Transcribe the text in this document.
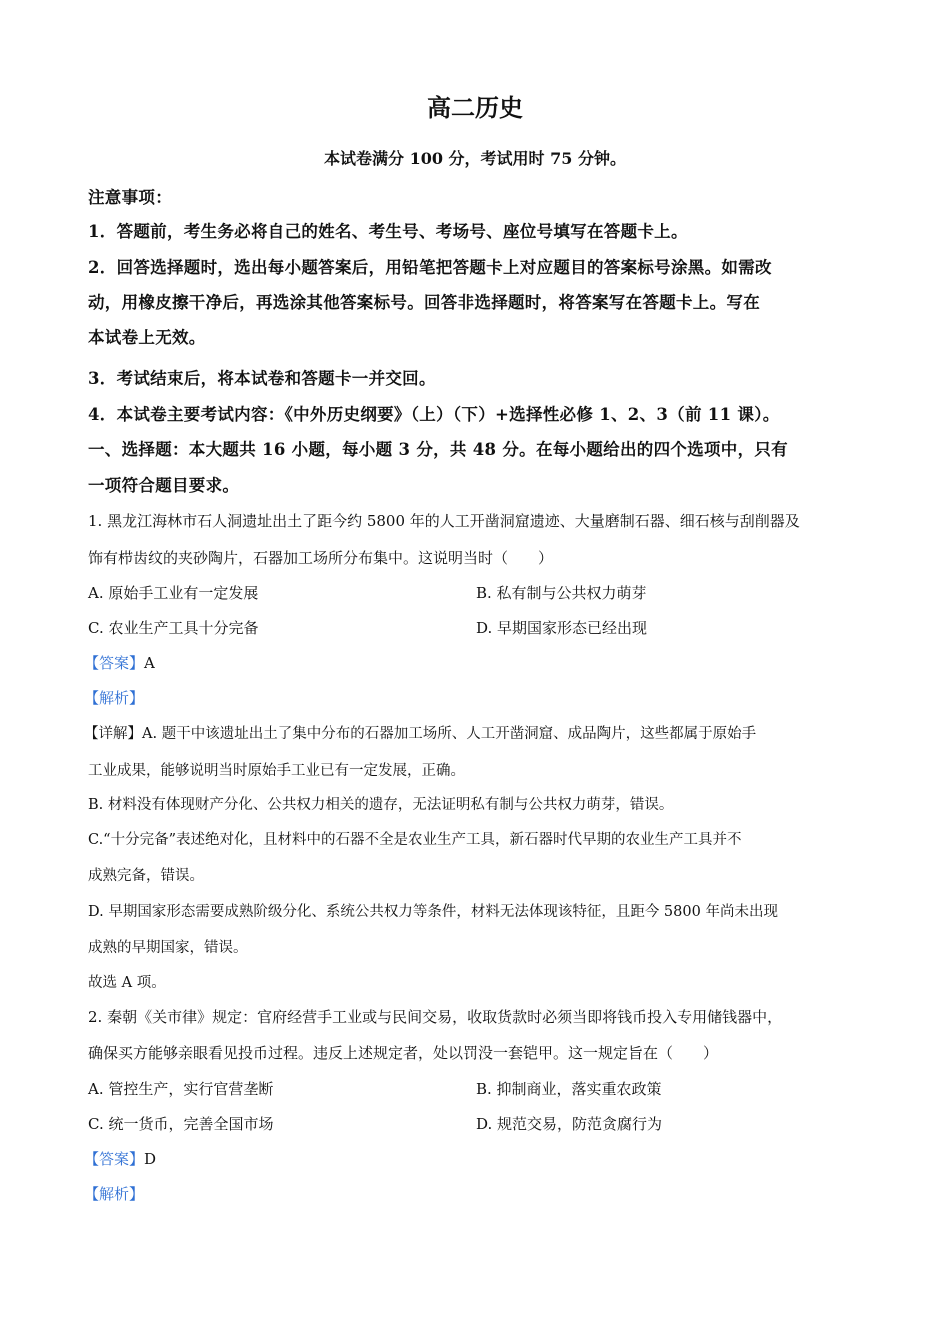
高二历史
本试卷满分 100 分，考试用时 75 分钟。
注意事项：
1．答题前，考生务必将自己的姓名、考生号、考场号、座位号填写在答题卡上。
2．回答选择题时，选出每小题答案后，用铅笔把答题卡上对应题目的答案标号涂黑。如需改
动，用橡皮擦干净后，再选涂其他答案标号。回答非选择题时，将答案写在答题卡上。写在
本试卷上无效。
3．考试结束后，将本试卷和答题卡一并交回。
4．本试卷主要考试内容：《中外历史纲要》（上）（下）+选择性必修 1、2、3（前 11 课）。
一、选择题：本大题共 16 小题，每小题 3 分，共 48 分。在每小题给出的四个选项中，只有
一项符合题目要求。
1. 黑龙江海林市石人洞遗址出土了距今约 5800 年的人工开凿洞窟遗迹、大量磨制石器、细石核与刮削器及
饰有栉齿纹的夹砂陶片，石器加工场所分布集中。这说明当时（　　）
A. 原始手工业有一定发展	B. 私有制与公共权力萌芽
C. 农业生产工具十分完备	D. 早期国家形态已经出现
【答案】A
【解析】
【详解】A. 题干中该遗址出土了集中分布的石器加工场所、人工开凿洞窟、成品陶片，这些都属于原始手
工业成果，能够说明当时原始手工业已有一定发展，正确。
B. 材料没有体现财产分化、公共权力相关的遗存，无法证明私有制与公共权力萌芽，错误。
C.“十分完备”表述绝对化，且材料中的石器不全是农业生产工具，新石器时代早期的农业生产工具并不
成熟完备，错误。
D. 早期国家形态需要成熟阶级分化、系统公共权力等条件，材料无法体现该特征，且距今 5800 年尚未出现
成熟的早期国家，错误。
故选 A 项。
2. 秦朝《关市律》规定：官府经营手工业或与民间交易，收取货款时必须当即将钱币投入专用储钱器中，
确保买方能够亲眼看见投币过程。违反上述规定者，处以罚没一套铠甲。这一规定旨在（　　）
A. 管控生产，实行官营垄断	B. 抑制商业，落实重农政策
C. 统一货币，完善全国市场	D. 规范交易，防范贪腐行为
【答案】D
【解析】
